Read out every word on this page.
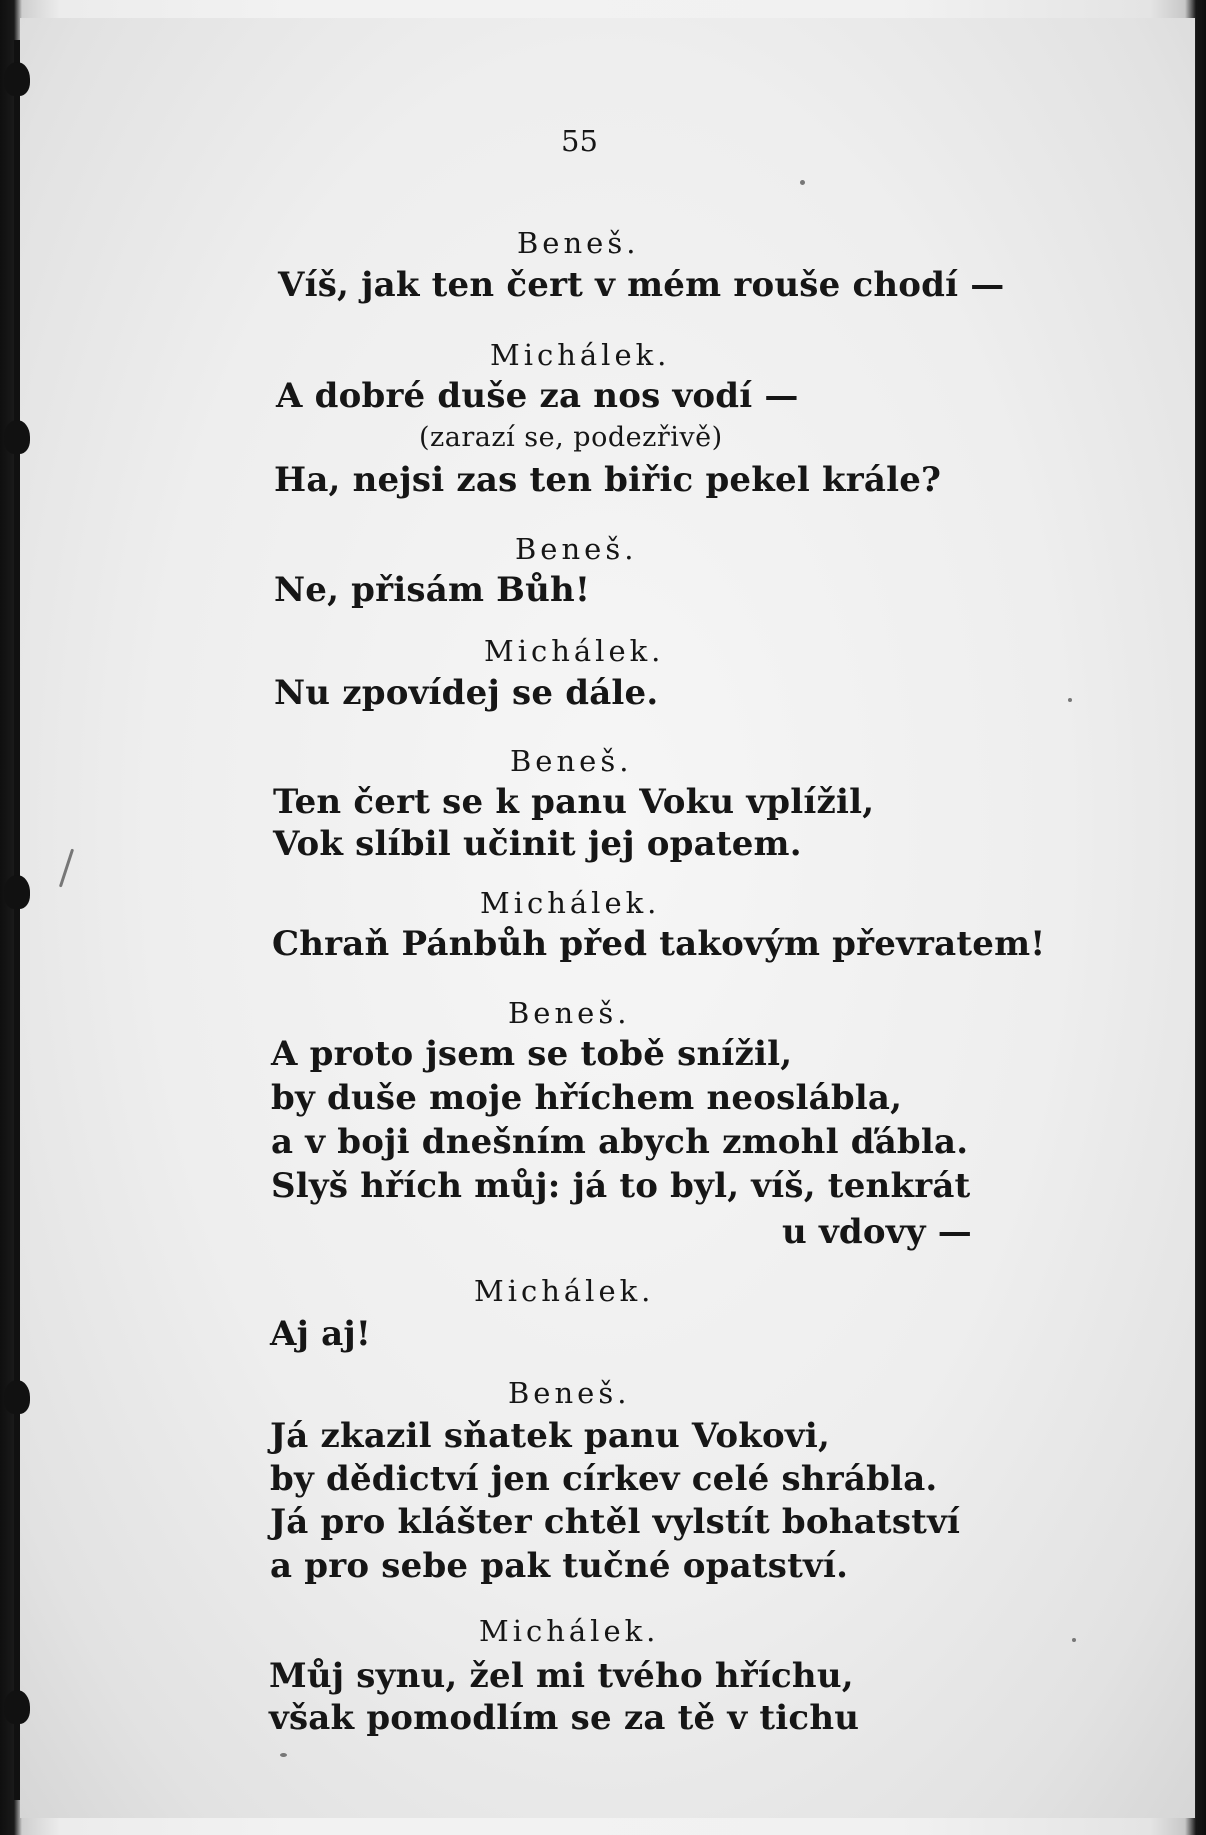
55

Beneš.

Víš, jak ten čert v mém rouše chodí —

Michálek.

A dobré duše za nos vodí —

(zarazí se, podezřivě)

Ha, nejsi zas ten biřic pekel krále?

Beneš.

Ne, přisám Bůh!

Michálek.

Nu zpovídej se dále.

Beneš.

Ten čert se k panu Voku vplížil,

Vok slíbil učinit jej opatem.

Michálek.

Chraň Pánbůh před takovým převratem!

Beneš.

A proto jsem se tobě snížil,

by duše moje hříchem neoslábla,

a v boji dnešním abych zmohl ďábla.

Slyš hřích můj: já to byl, víš, tenkrát

u vdovy —

Michálek.

Aj aj!

Beneš.

Já zkazil sňatek panu Vokovi,

by dědictví jen církev celé shrábla.

Já pro klášter chtěl vylstít bohatství

a pro sebe pak tučné opatství.

Michálek.

Můj synu, žel mi tvého hříchu,

však pomodlím se za tě v tichu
